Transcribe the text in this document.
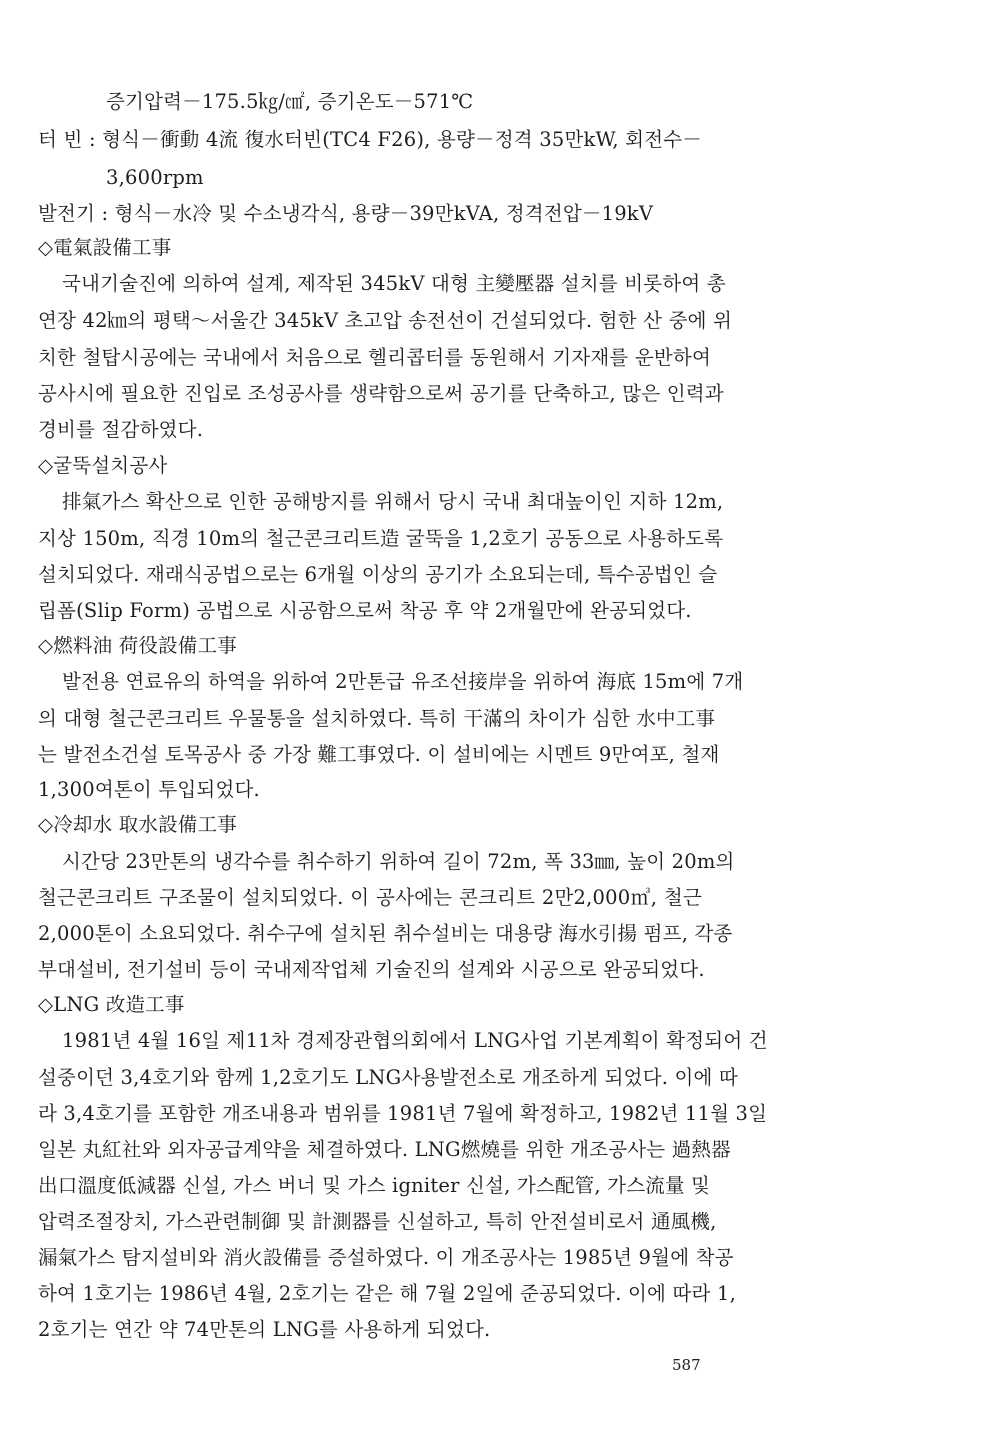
증기압력－175.5㎏/㎠, 증기온도－571℃
터 빈 : 형식－衝動 4流 復水터빈(TC4 F26), 용량－정격 35만kW, 회전수－
3,600rpm
발전기 : 형식－水冷 및 수소냉각식, 용량－39만kVA, 정격전압－19kV
◇電氣設備工事
국내기술진에 의하여 설계, 제작된 345kV 대형 主變壓器 설치를 비롯하여 총
연장 42㎞의 평택～서울간 345kV 초고압 송전선이 건설되었다. 험한 산 중에 위
치한 철탑시공에는 국내에서 처음으로 헬리콥터를 동원해서 기자재를 운반하여
공사시에 필요한 진입로 조성공사를 생략함으로써 공기를 단축하고, 많은 인력과
경비를 절감하였다.
◇굴뚝설치공사
排氣가스 확산으로 인한 공해방지를 위해서 당시 국내 최대높이인 지하 12m,
지상 150m, 직경 10m의 철근콘크리트造 굴뚝을 1,2호기 공동으로 사용하도록
설치되었다. 재래식공법으로는 6개월 이상의 공기가 소요되는데, 특수공법인 슬
립폼(Slip Form) 공법으로 시공함으로써 착공 후 약 2개월만에 완공되었다.
◇燃料油 荷役設備工事
발전용 연료유의 하역을 위하여 2만톤급 유조선接岸을 위하여 海底 15m에 7개
의 대형 철근콘크리트 우물통을 설치하였다. 특히 干滿의 차이가 심한 水中工事
는 발전소건설 토목공사 중 가장 難工事였다. 이 설비에는 시멘트 9만여포, 철재
1,300여톤이 투입되었다.
◇冷却水 取水設備工事
시간당 23만톤의 냉각수를 취수하기 위하여 길이 72m, 폭 33㎜, 높이 20m의
철근콘크리트 구조물이 설치되었다. 이 공사에는 콘크리트 2만2,000㎥, 철근
2,000톤이 소요되었다. 취수구에 설치된 취수설비는 대용량 海水引揚 펌프, 각종
부대설비, 전기설비 등이 국내제작업체 기술진의 설계와 시공으로 완공되었다.
◇LNG 改造工事
1981년 4월 16일 제11차 경제장관협의회에서 LNG사업 기본계획이 확정되어 건
설중이던 3,4호기와 함께 1,2호기도 LNG사용발전소로 개조하게 되었다. 이에 따
라 3,4호기를 포함한 개조내용과 범위를 1981년 7월에 확정하고, 1982년 11월 3일
일본 丸紅社와 외자공급계약을 체결하였다. LNG燃燒를 위한 개조공사는 過熱器
出口溫度低減器 신설, 가스 버너 및 가스 igniter 신설, 가스配管, 가스流量 및
압력조절장치, 가스관련制御 및 計測器를 신설하고, 특히 안전설비로서 通風機,
漏氣가스 탐지설비와 消火設備를 증설하였다. 이 개조공사는 1985년 9월에 착공
하여 1호기는 1986년 4월, 2호기는 같은 해 7월 2일에 준공되었다. 이에 따라 1,
2호기는 연간 약 74만톤의 LNG를 사용하게 되었다.
587
